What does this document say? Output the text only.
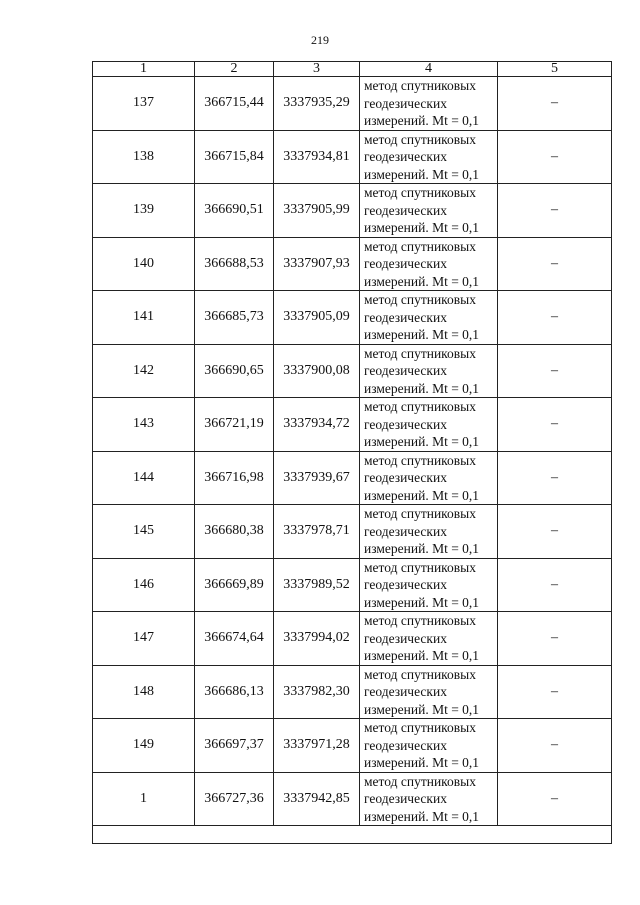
219
1	2	3	4	5
137	366715,44	3337935,29	метод спутниковых
геодезических
измерений. Mt = 0,1	–
138	366715,84	3337934,81	метод спутниковых
геодезических
измерений. Mt = 0,1	–
139	366690,51	3337905,99	метод спутниковых
геодезических
измерений. Mt = 0,1	–
140	366688,53	3337907,93	метод спутниковых
геодезических
измерений. Mt = 0,1	–
141	366685,73	3337905,09	метод спутниковых
геодезических
измерений. Mt = 0,1	–
142	366690,65	3337900,08	метод спутниковых
геодезических
измерений. Mt = 0,1	–
143	366721,19	3337934,72	метод спутниковых
геодезических
измерений. Mt = 0,1	–
144	366716,98	3337939,67	метод спутниковых
геодезических
измерений. Mt = 0,1	–
145	366680,38	3337978,71	метод спутниковых
геодезических
измерений. Mt = 0,1	–
146	366669,89	3337989,52	метод спутниковых
геодезических
измерений. Mt = 0,1	–
147	366674,64	3337994,02	метод спутниковых
геодезических
измерений. Mt = 0,1	–
148	366686,13	3337982,30	метод спутниковых
геодезических
измерений. Mt = 0,1	–
149	366697,37	3337971,28	метод спутниковых
геодезических
измерений. Mt = 0,1	–
1	366727,36	3337942,85	метод спутниковых
геодезических
измерений. Mt = 0,1	–
